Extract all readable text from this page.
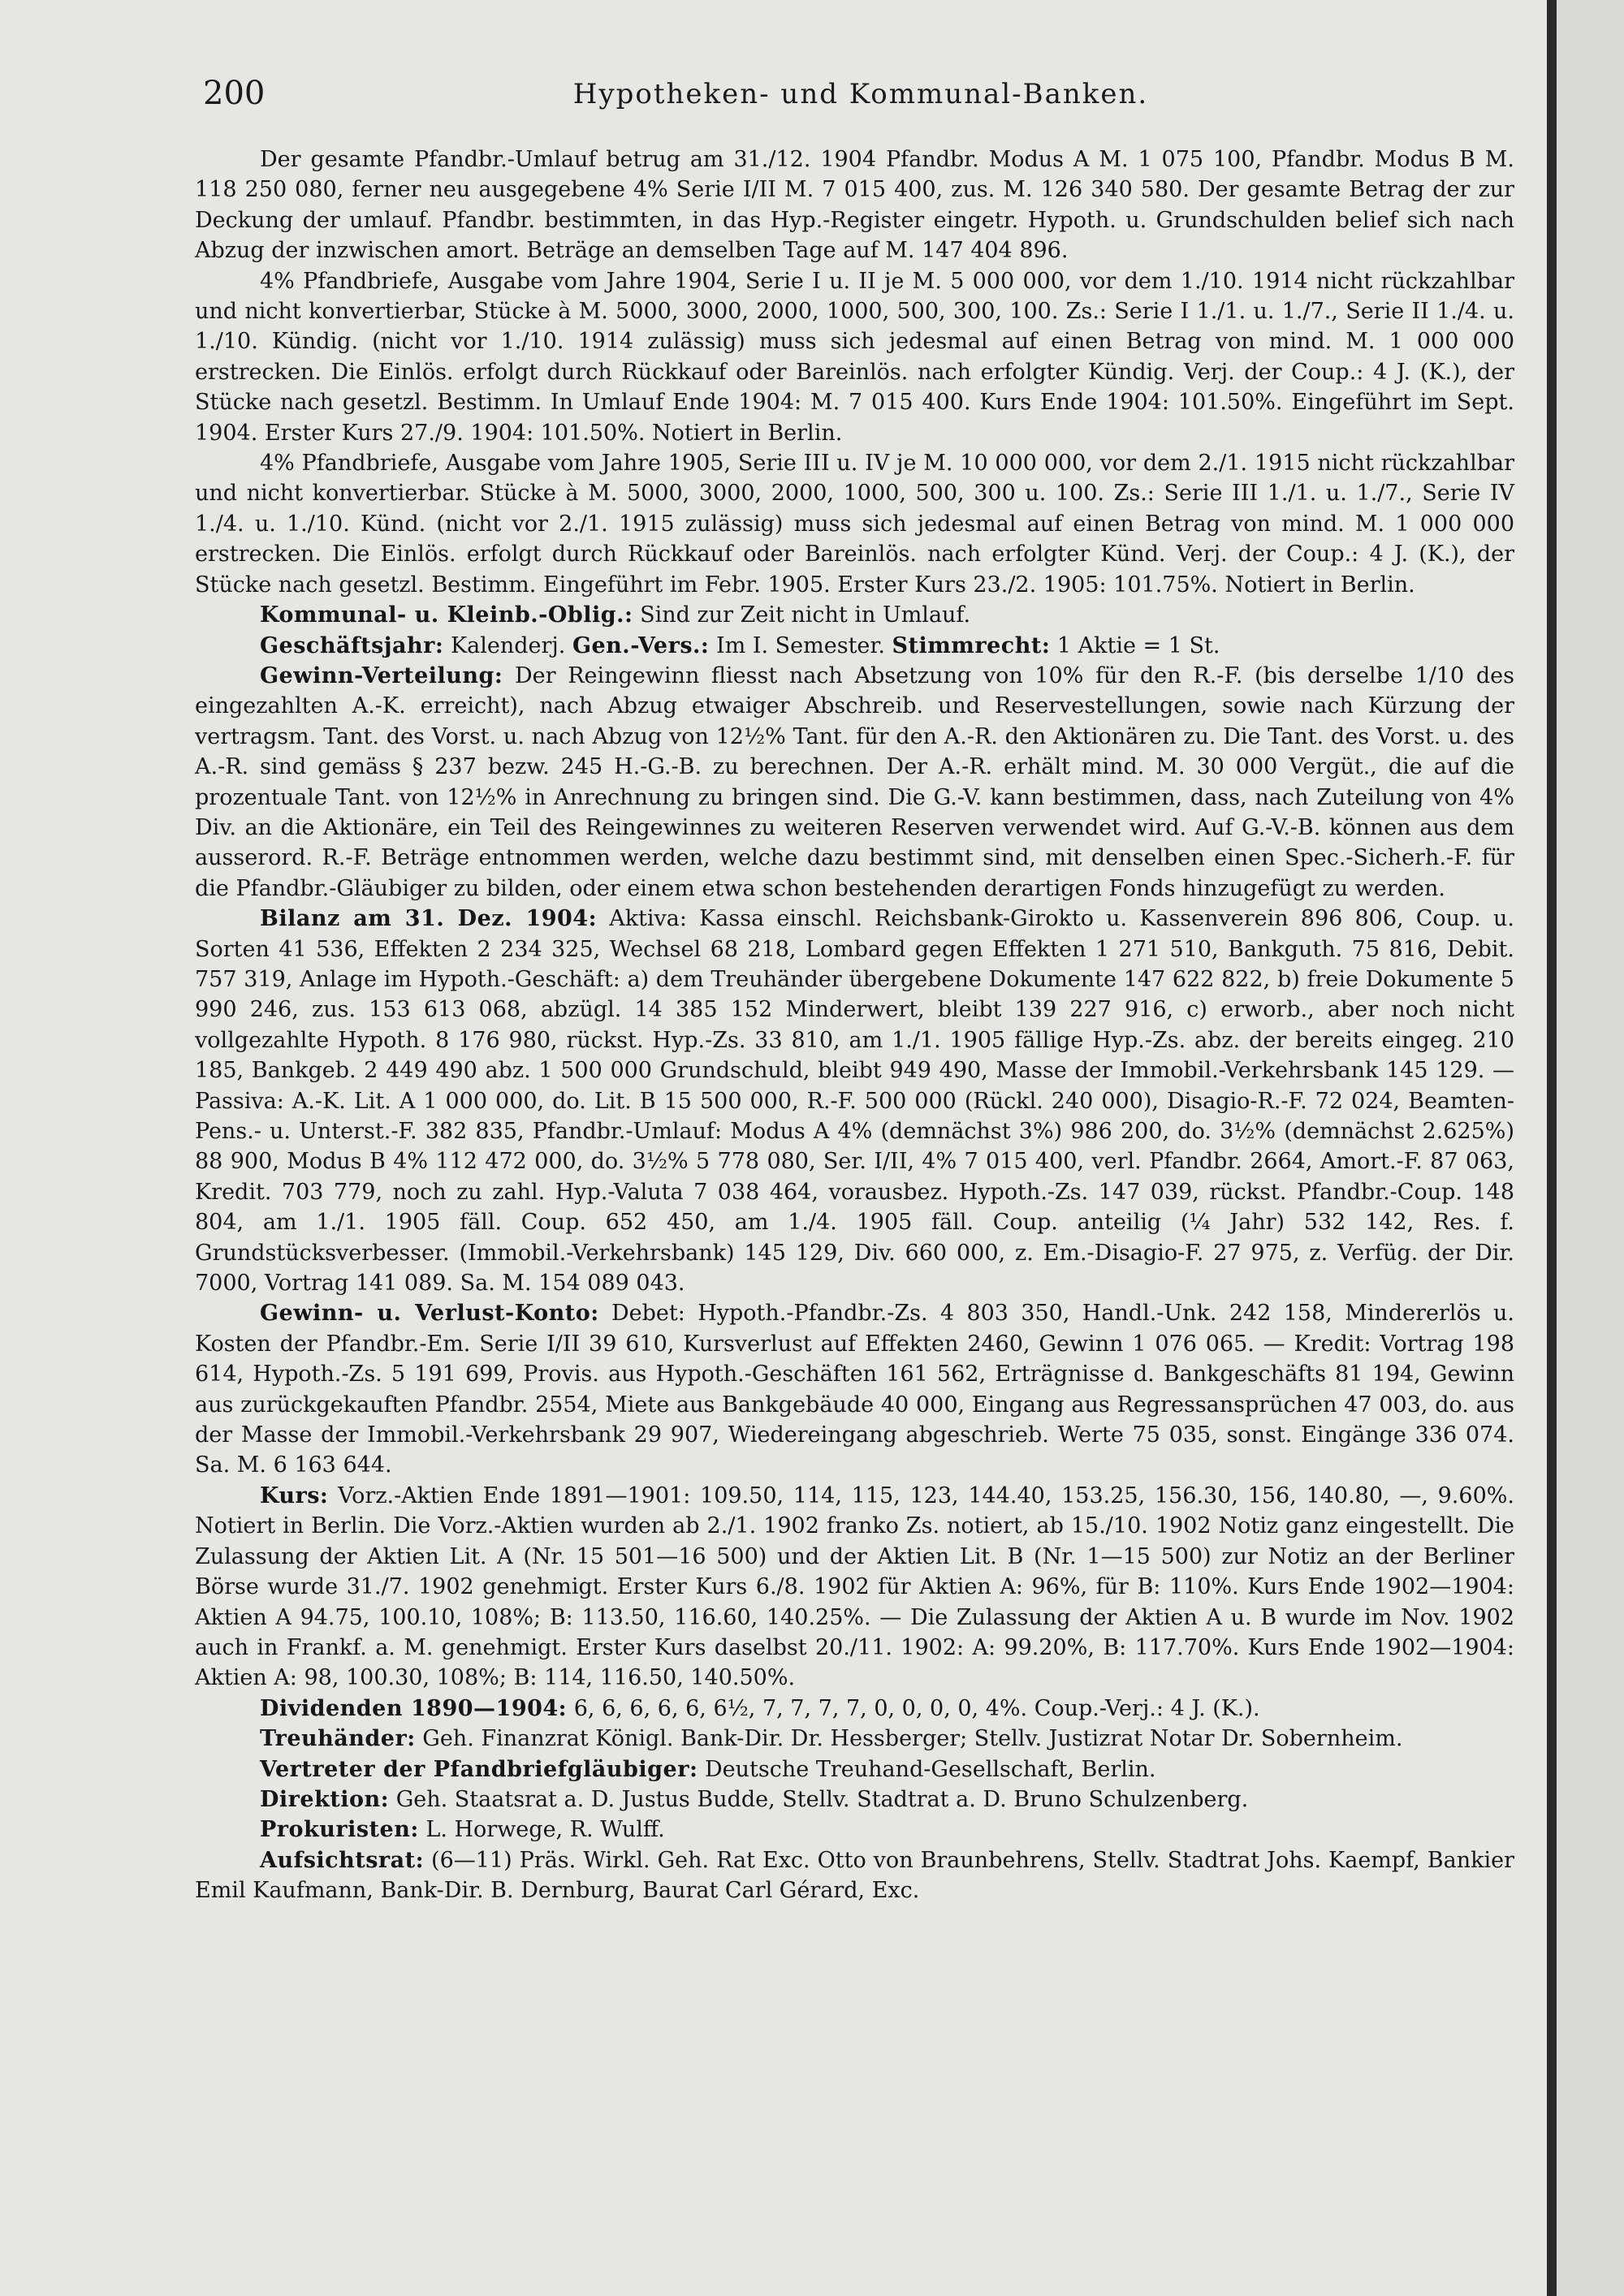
200	Hypotheken- und Kommunal-Banken.

Der gesamte Pfandbr.-Umlauf betrug am 31./12. 1904 Pfandbr. Modus A M. 1 075 100, Pfandbr. Modus B M. 118 250 080, ferner neu ausgegebene 4% Serie I/II M. 7 015 400, zus. M. 126 340 580. Der gesamte Betrag der zur Deckung der umlauf. Pfandbr. bestimmten, in das Hyp.-Register eingetr. Hypoth. u. Grundschulden belief sich nach Abzug der inzwischen amort. Beträge an demselben Tage auf M. 147 404 896.

4% Pfandbriefe, Ausgabe vom Jahre 1904, Serie I u. II je M. 5 000 000, vor dem 1./10. 1914 nicht rückzahlbar und nicht konvertierbar, Stücke à M. 5000, 3000, 2000, 1000, 500, 300, 100. Zs.: Serie I 1./1. u. 1./7., Serie II 1./4. u. 1./10. Kündig. (nicht vor 1./10. 1914 zulässig) muss sich jedesmal auf einen Betrag von mind. M. 1 000 000 erstrecken. Die Einlös. erfolgt durch Rückkauf oder Bareinlös. nach erfolgter Kündig. Verj. der Coup.: 4 J. (K.), der Stücke nach gesetzl. Bestimm. In Umlauf Ende 1904: M. 7 015 400. Kurs Ende 1904: 101.50%. Eingeführt im Sept. 1904. Erster Kurs 27./9. 1904: 101.50%. Notiert in Berlin.

4% Pfandbriefe, Ausgabe vom Jahre 1905, Serie III u. IV je M. 10 000 000, vor dem 2./1. 1915 nicht rückzahlbar und nicht konvertierbar. Stücke à M. 5000, 3000, 2000, 1000, 500, 300 u. 100. Zs.: Serie III 1./1. u. 1./7., Serie IV 1./4. u. 1./10. Künd. (nicht vor 2./1. 1915 zulässig) muss sich jedesmal auf einen Betrag von mind. M. 1 000 000 erstrecken. Die Einlös. erfolgt durch Rückkauf oder Bareinlös. nach erfolgter Künd. Verj. der Coup.: 4 J. (K.), der Stücke nach gesetzl. Bestimm. Eingeführt im Febr. 1905. Erster Kurs 23./2. 1905: 101.75%. Notiert in Berlin.

Kommunal- u. Kleinb.-Oblig.: Sind zur Zeit nicht in Umlauf.

Geschäftsjahr: Kalenderj. Gen.-Vers.: Im I. Semester. Stimmrecht: 1 Aktie = 1 St.

Gewinn-Verteilung: Der Reingewinn fliesst nach Absetzung von 10% für den R.-F. (bis derselbe 1/10 des eingezahlten A.-K. erreicht), nach Abzug etwaiger Abschreib. und Reservestellungen, sowie nach Kürzung der vertragsm. Tant. des Vorst. u. nach Abzug von 12½% Tant. für den A.-R. den Aktionären zu. Die Tant. des Vorst. u. des A.-R. sind gemäss § 237 bezw. 245 H.-G.-B. zu berechnen. Der A.-R. erhält mind. M. 30 000 Vergüt., die auf die prozentuale Tant. von 12½% in Anrechnung zu bringen sind. Die G.-V. kann bestimmen, dass, nach Zuteilung von 4% Div. an die Aktionäre, ein Teil des Reingewinnes zu weiteren Reserven verwendet wird. Auf G.-V.-B. können aus dem ausserord. R.-F. Beträge entnommen werden, welche dazu bestimmt sind, mit denselben einen Spec.-Sicherh.-F. für die Pfandbr.-Gläubiger zu bilden, oder einem etwa schon bestehenden derartigen Fonds hinzugefügt zu werden.

Bilanz am 31. Dez. 1904: Aktiva: Kassa einschl. Reichsbank-Girokto u. Kassenverein 896 806, Coup. u. Sorten 41 536, Effekten 2 234 325, Wechsel 68 218, Lombard gegen Effekten 1 271 510, Bankguth. 75 816, Debit. 757 319, Anlage im Hypoth.-Geschäft: a) dem Treuhänder übergebene Dokumente 147 622 822, b) freie Dokumente 5 990 246, zus. 153 613 068, abzügl. 14 385 152 Minderwert, bleibt 139 227 916, c) erworb., aber noch nicht vollgezahlte Hypoth. 8 176 980, rückst. Hyp.-Zs. 33 810, am 1./1. 1905 fällige Hyp.-Zs. abz. der bereits eingeg. 210 185, Bankgeb. 2 449 490 abz. 1 500 000 Grundschuld, bleibt 949 490, Masse der Immobil.-Verkehrsbank 145 129. — Passiva: A.-K. Lit. A 1 000 000, do. Lit. B 15 500 000, R.-F. 500 000 (Rückl. 240 000), Disagio-R.-F. 72 024, Beamten-Pens.- u. Unterst.-F. 382 835, Pfandbr.-Umlauf: Modus A 4% (demnächst 3%) 986 200, do. 3½% (demnächst 2.625%) 88 900, Modus B 4% 112 472 000, do. 3½% 5 778 080, Ser. I/II, 4% 7 015 400, verl. Pfandbr. 2664, Amort.-F. 87 063, Kredit. 703 779, noch zu zahl. Hyp.-Valuta 7 038 464, vorausbez. Hypoth.-Zs. 147 039, rückst. Pfandbr.-Coup. 148 804, am 1./1. 1905 fäll. Coup. 652 450, am 1./4. 1905 fäll. Coup. anteilig (¼ Jahr) 532 142, Res. f. Grundstücksverbesser. (Immobil.-Verkehrsbank) 145 129, Div. 660 000, z. Em.-Disagio-F. 27 975, z. Verfüg. der Dir. 7000, Vortrag 141 089. Sa. M. 154 089 043.

Gewinn- u. Verlust-Konto: Debet: Hypoth.-Pfandbr.-Zs. 4 803 350, Handl.-Unk. 242 158, Mindererlös u. Kosten der Pfandbr.-Em. Serie I/II 39 610, Kursverlust auf Effekten 2460, Gewinn 1 076 065. — Kredit: Vortrag 198 614, Hypoth.-Zs. 5 191 699, Provis. aus Hypoth.-Geschäften 161 562, Erträgnisse d. Bankgeschäfts 81 194, Gewinn aus zurückgekauften Pfandbr. 2554, Miete aus Bankgebäude 40 000, Eingang aus Regressansprüchen 47 003, do. aus der Masse der Immobil.-Verkehrsbank 29 907, Wiedereingang abgeschrieb. Werte 75 035, sonst. Eingänge 336 074. Sa. M. 6 163 644.

Kurs: Vorz.-Aktien Ende 1891—1901: 109.50, 114, 115, 123, 144.40, 153.25, 156.30, 156, 140.80, —, 9.60%. Notiert in Berlin. Die Vorz.-Aktien wurden ab 2./1. 1902 franko Zs. notiert, ab 15./10. 1902 Notiz ganz eingestellt. Die Zulassung der Aktien Lit. A (Nr. 15 501—16 500) und der Aktien Lit. B (Nr. 1—15 500) zur Notiz an der Berliner Börse wurde 31./7. 1902 genehmigt. Erster Kurs 6./8. 1902 für Aktien A: 96%, für B: 110%. Kurs Ende 1902—1904: Aktien A 94.75, 100.10, 108%; B: 113.50, 116.60, 140.25%. — Die Zulassung der Aktien A u. B wurde im Nov. 1902 auch in Frankf. a. M. genehmigt. Erster Kurs daselbst 20./11. 1902: A: 99.20%, B: 117.70%. Kurs Ende 1902—1904: Aktien A: 98, 100.30, 108%; B: 114, 116.50, 140.50%.

Dividenden 1890—1904: 6, 6, 6, 6, 6, 6½, 7, 7, 7, 7, 0, 0, 0, 0, 4%. Coup.-Verj.: 4 J. (K.).

Treuhänder: Geh. Finanzrat Königl. Bank-Dir. Dr. Hessberger; Stellv. Justizrat Notar Dr. Sobernheim.

Vertreter der Pfandbriefgläubiger: Deutsche Treuhand-Gesellschaft, Berlin.

Direktion: Geh. Staatsrat a. D. Justus Budde, Stellv. Stadtrat a. D. Bruno Schulzenberg.

Prokuristen: L. Horwege, R. Wulff.

Aufsichtsrat: (6—11) Präs. Wirkl. Geh. Rat Exc. Otto von Braunbehrens, Stellv. Stadtrat Johs. Kaempf, Bankier Emil Kaufmann, Bank-Dir. B. Dernburg, Baurat Carl Gérard, Exc.
